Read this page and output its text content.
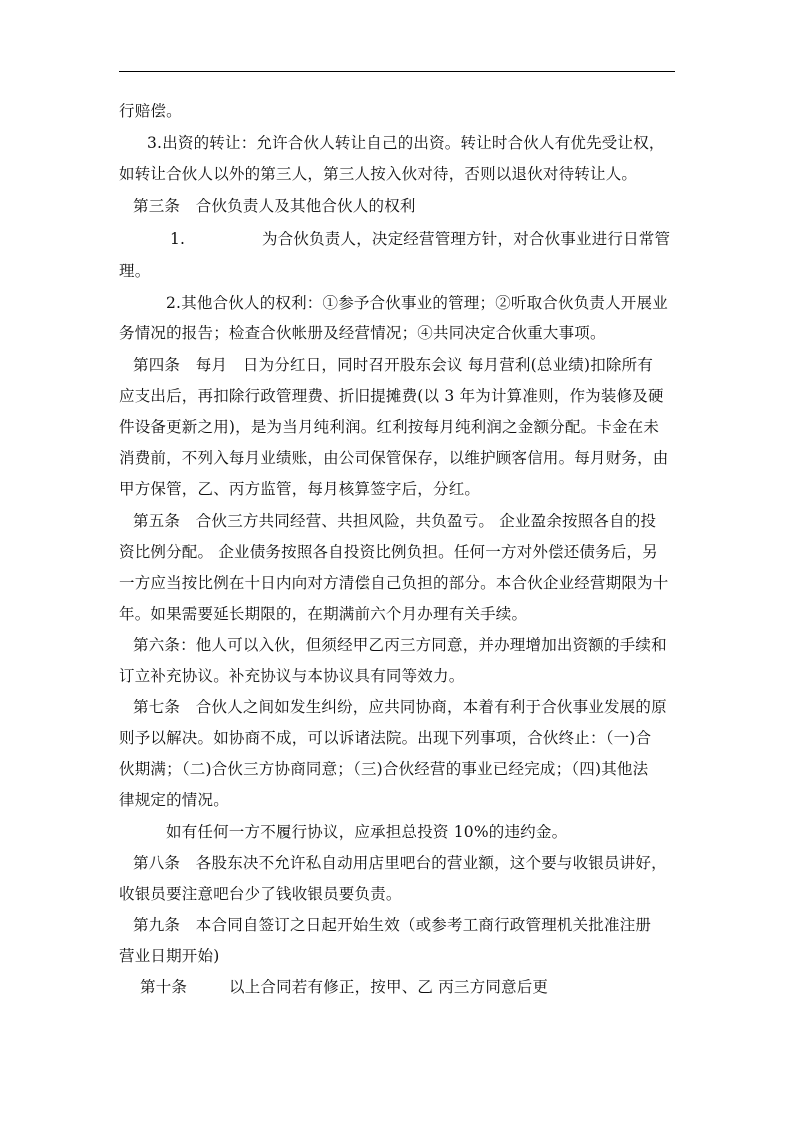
行赔偿。
3.出资的转让：允许合伙人转让自己的出资。转让时合伙人有优先受让权，
如转让合伙人以外的第三人，第三人按入伙对待，否则以退伙对待转让人。
第三条　合伙负责人及其他合伙人的权利
1.	为合伙负责人，决定经营管理方针，对合伙事业进行日常管
理。
2.其他合伙人的权利：①参予合伙事业的管理；②听取合伙负责人开展业
务情况的报告；检查合伙帐册及经营情况；④共同决定合伙重大事项。
第四条　每月　日为分红日，同时召开股东会议 每月营利(总业绩)扣除所有
应支出后，再扣除行政管理费、折旧提摊费(以 3 年为计算准则，作为装修及硬
件设备更新之用)，是为当月纯利润。红利按每月纯利润之金额分配。卡金在未
消费前，不列入每月业绩账，由公司保管保存，以维护顾客信用。每月财务，由
甲方保管，乙、丙方监管，每月核算签字后，分红。
第五条　合伙三方共同经营、共担风险，共负盈亏。 企业盈余按照各自的投
资比例分配。 企业债务按照各自投资比例负担。任何一方对外偿还债务后，另
一方应当按比例在十日内向对方清偿自己负担的部分。本合伙企业经营期限为十
年。如果需要延长期限的，在期满前六个月办理有关手续。
第六条：他人可以入伙，但须经甲乙丙三方同意，并办理增加出资额的手续和
订立补充协议。补充协议与本协议具有同等效力。
第七条　合伙人之间如发生纠纷，应共同协商，本着有利于合伙事业发展的原
则予以解决。如协商不成，可以诉诸法院。出现下列事项，合伙终止：（一)合
伙期满；（二)合伙三方协商同意；（三)合伙经营的事业已经完成；（四)其他法
律规定的情况。
如有任何一方不履行协议，应承担总投资 10%的违约金。
第八条　各股东决不允许私自动用店里吧台的营业额，这个要与收银员讲好，
收银员要注意吧台少了钱收银员要负责。
第九条　本合同自签订之日起开始生效（或参考工商行政管理机关批准注册
营业日期开始)
第十条	以上合同若有修正，按甲、乙 丙三方同意后更
